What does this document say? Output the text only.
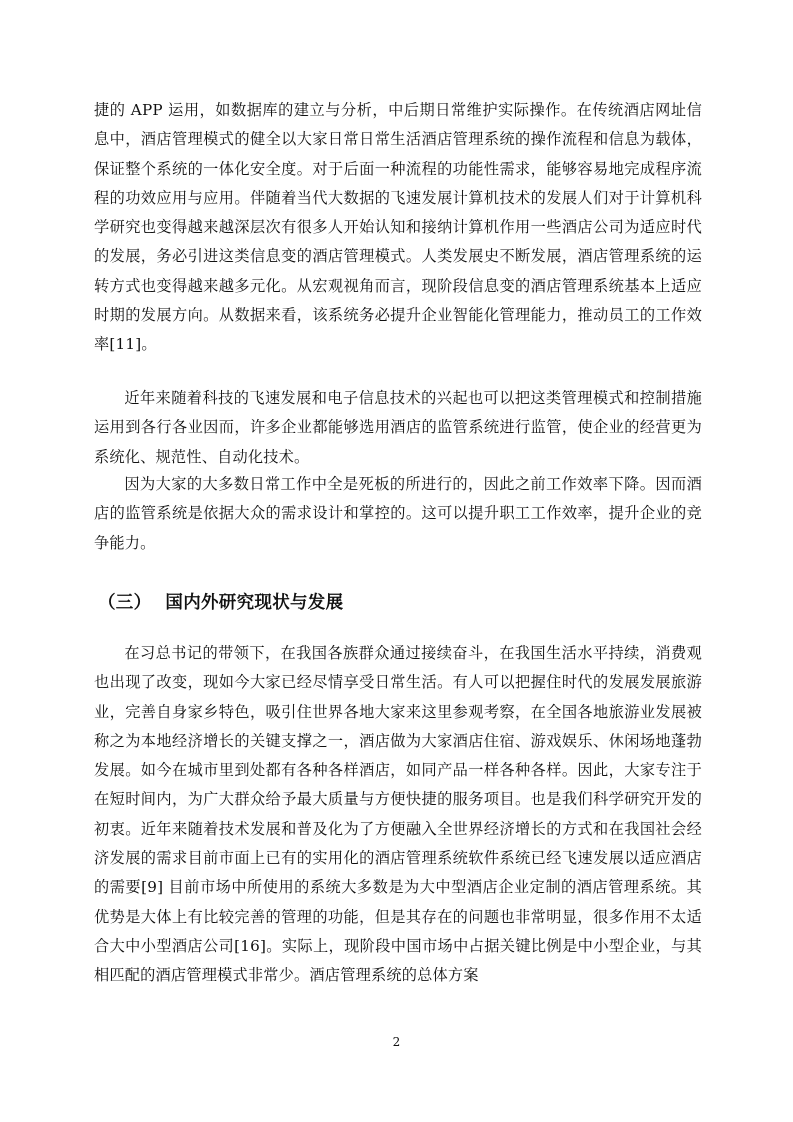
捷的 APP 运用，如数据库的建立与分析，中后期日常维护实际操作。在传统酒店网址信息中，酒店管理模式的健全以大家日常日常生活酒店管理系统的操作流程和信息为载体，保证整个系统的一体化安全度。对于后面一种流程的功能性需求，能够容易地完成程序流程的功效应用与应用。伴随着当代大数据的飞速发展计算机技术的发展人们对于计算机科学研究也变得越来越深层次有很多人开始认知和接纳计算机作用一些酒店公司为适应时代的发展，务必引进这类信息变的酒店管理模式。人类发展史不断发展，酒店管理系统的运转方式也变得越来越多元化。从宏观视角而言，现阶段信息变的酒店管理系统基本上适应时期的发展方向。从数据来看，该系统务必提升企业智能化管理能力，推动员工的工作效率[11]。

近年来随着科技的飞速发展和电子信息技术的兴起也可以把这类管理模式和控制措施运用到各行各业因而，许多企业都能够选用酒店的监管系统进行监管，使企业的经营更为系统化、规范性、自动化技术。

因为大家的大多数日常工作中全是死板的所进行的，因此之前工作效率下降。因而酒店的监管系统是依据大众的需求设计和掌控的。这可以提升职工工作效率，提升企业的竞争能力。

（三） 国内外研究现状与发展

在习总书记的带领下，在我国各族群众通过接续奋斗，在我国生活水平持续，消费观也出现了改变，现如今大家已经尽情享受日常生活。有人可以把握住时代的发展发展旅游业，完善自身家乡特色，吸引住世界各地大家来这里参观考察，在全国各地旅游业发展被称之为本地经济增长的关键支撑之一，酒店做为大家酒店住宿、游戏娱乐、休闲场地蓬勃发展。如今在城市里到处都有各种各样酒店，如同产品一样各种各样。因此，大家专注于在短时间内，为广大群众给予最大质量与方便快捷的服务项目。也是我们科学研究开发的初衷。近年来随着技术发展和普及化为了方便融入全世界经济增长的方式和在我国社会经济发展的需求目前市面上已有的实用化的酒店管理系统软件系统已经飞速发展以适应酒店的需要[9] 目前市场中所使用的系统大多数是为大中型酒店企业定制的酒店管理系统。其优势是大体上有比较完善的管理的功能，但是其存在的问题也非常明显，很多作用不太适合大中小型酒店公司[16]。实际上，现阶段中国市场中占据关键比例是中小型企业，与其相匹配的酒店管理模式非常少。酒店管理系统的总体方案

2
